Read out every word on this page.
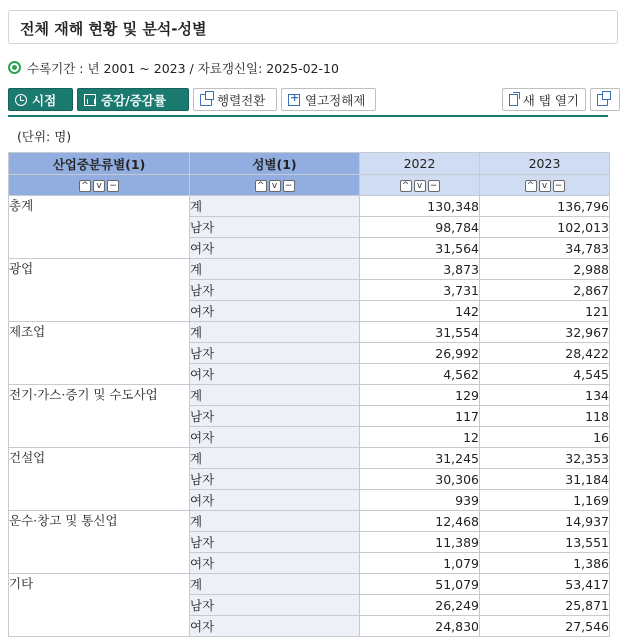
전체 재해 현황 및 분석-성별
수록기간 : 년 2001 ~ 2023 / 자료갱신일: 2025-02-10
시점	증감/증감률	행렬전환 +	열고정해제	새 탭 열기
(단위: 명)
산업중분류별(1)	성별(1)	2022	2023
^ v −	^ v −	^ v −	^ v −
총계	계	130,348	136,796
	남자	98,784	102,013
	여자	31,564	34,783
광업	계	3,873	2,988
	남자	3,731	2,867
	여자	142	121
제조업	계	31,554	32,967
	남자	26,992	28,422
	여자	4,562	4,545
전기·가스·증기 및 수도사업	계	129	134
	남자	117	118
	여자	12	16
건설업	계	31,245	32,353
	남자	30,306	31,184
	여자	939	1,169
운수·창고 및 통신업	계	12,468	14,937
	남자	11,389	13,551
	여자	1,079	1,386
기타	계	51,079	53,417
	남자	26,249	25,871
	여자	24,830	27,546
